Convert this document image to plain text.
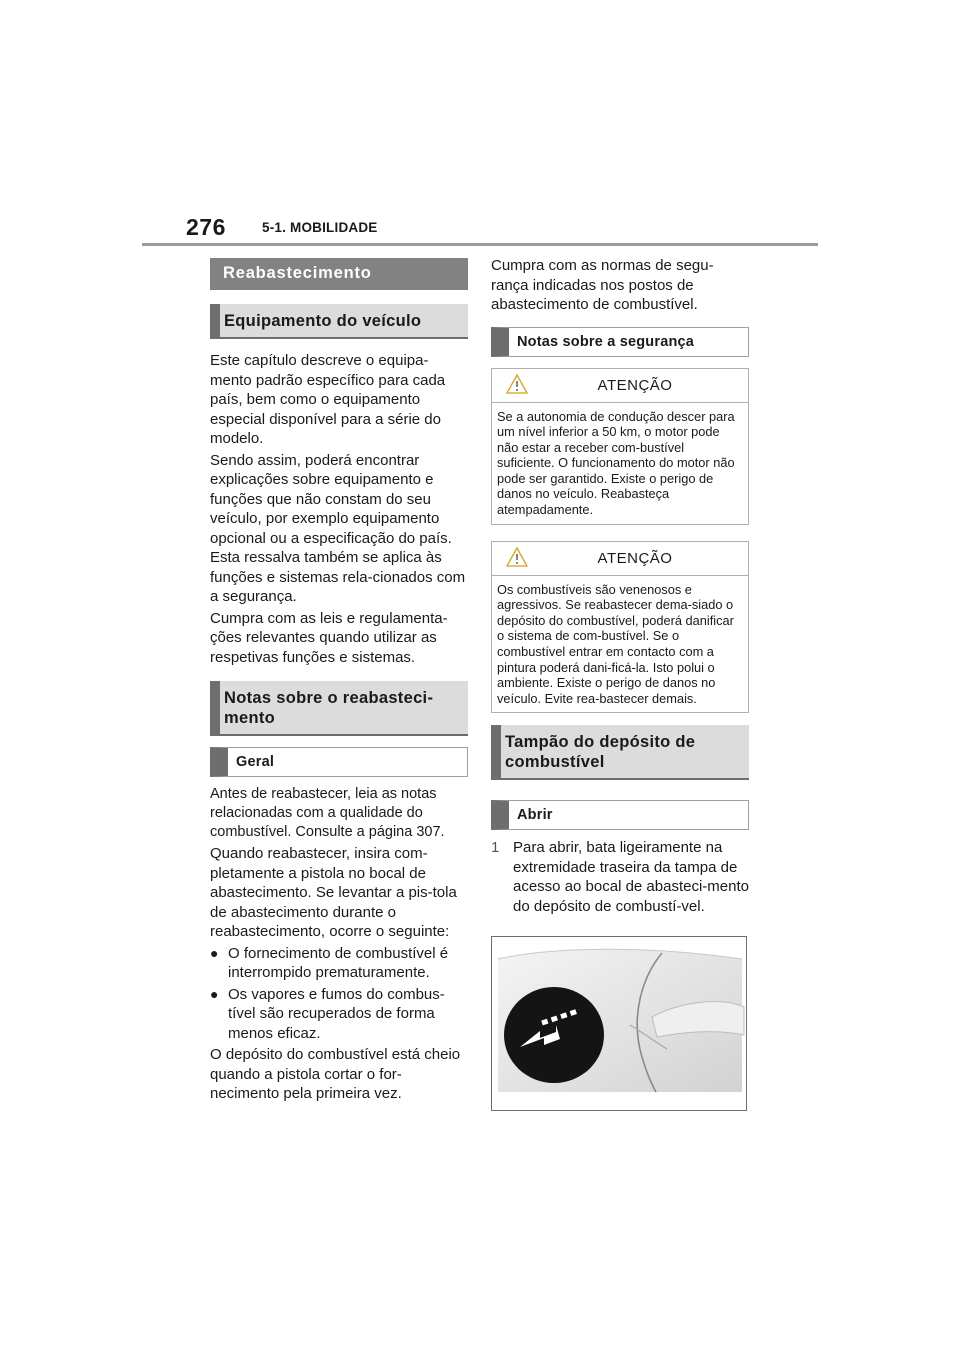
276	5-1. MOBILIDADE
Reabastecimento
Equipamento do veículo

Este capítulo descreve o equipa-mento padrão específico para cada país, bem como o equipamento especial disponível para a série do modelo.

Sendo assim, poderá encontrar explicações sobre equipamento e funções que não constam do seu veículo, por exemplo equipamento opcional ou a especificação do país. Esta ressalva também se aplica às funções e sistemas rela-cionados com a segurança.

Cumpra com as leis e regulamenta-ções relevantes quando utilizar as respetivas funções e sistemas.

Notas sobre o reabasteci-mento
Geral

Antes de reabastecer, leia as notas relacionadas com a qualidade do combustível. Consulte a página 307.

Quando reabastecer, insira com-pletamente a pistola no bocal de abastecimento. Se levantar a pis-tola de abastecimento durante o reabastecimento, ocorre o seguinte:

● O fornecimento de combustível é interrompido prematuramente.
● Os vapores e fumos do combus-tível são recuperados de forma menos eficaz.

O depósito do combustível está cheio quando a pistola cortar o for-necimento pela primeira vez.

Cumpra com as normas de segu-rança indicadas nos postos de abastecimento de combustível.

Notas sobre a segurança
ATENÇÃO
Se a autonomia de condução descer para um nível inferior a 50 km, o motor pode não estar a receber com-bustível suficiente. O funcionamento do motor não pode ser garantido. Existe o perigo de danos no veículo. Reabasteça atempadamente.
ATENÇÃO
Os combustíveis são venenosos e agressivos. Se reabastecer dema-siado o depósito do combustível, poderá danificar o sistema de com-bustível. Se o combustível entrar em contacto com a pintura poderá dani-ficá-la. Isto polui o ambiente. Existe o perigo de danos no veículo. Evite rea-bastecer demais.
Tampão do depósito de combustível
Abrir
1 Para abrir, bata ligeiramente na extremidade traseira da tampa de acesso ao bocal de abasteci-mento do depósito de combustí-vel.
